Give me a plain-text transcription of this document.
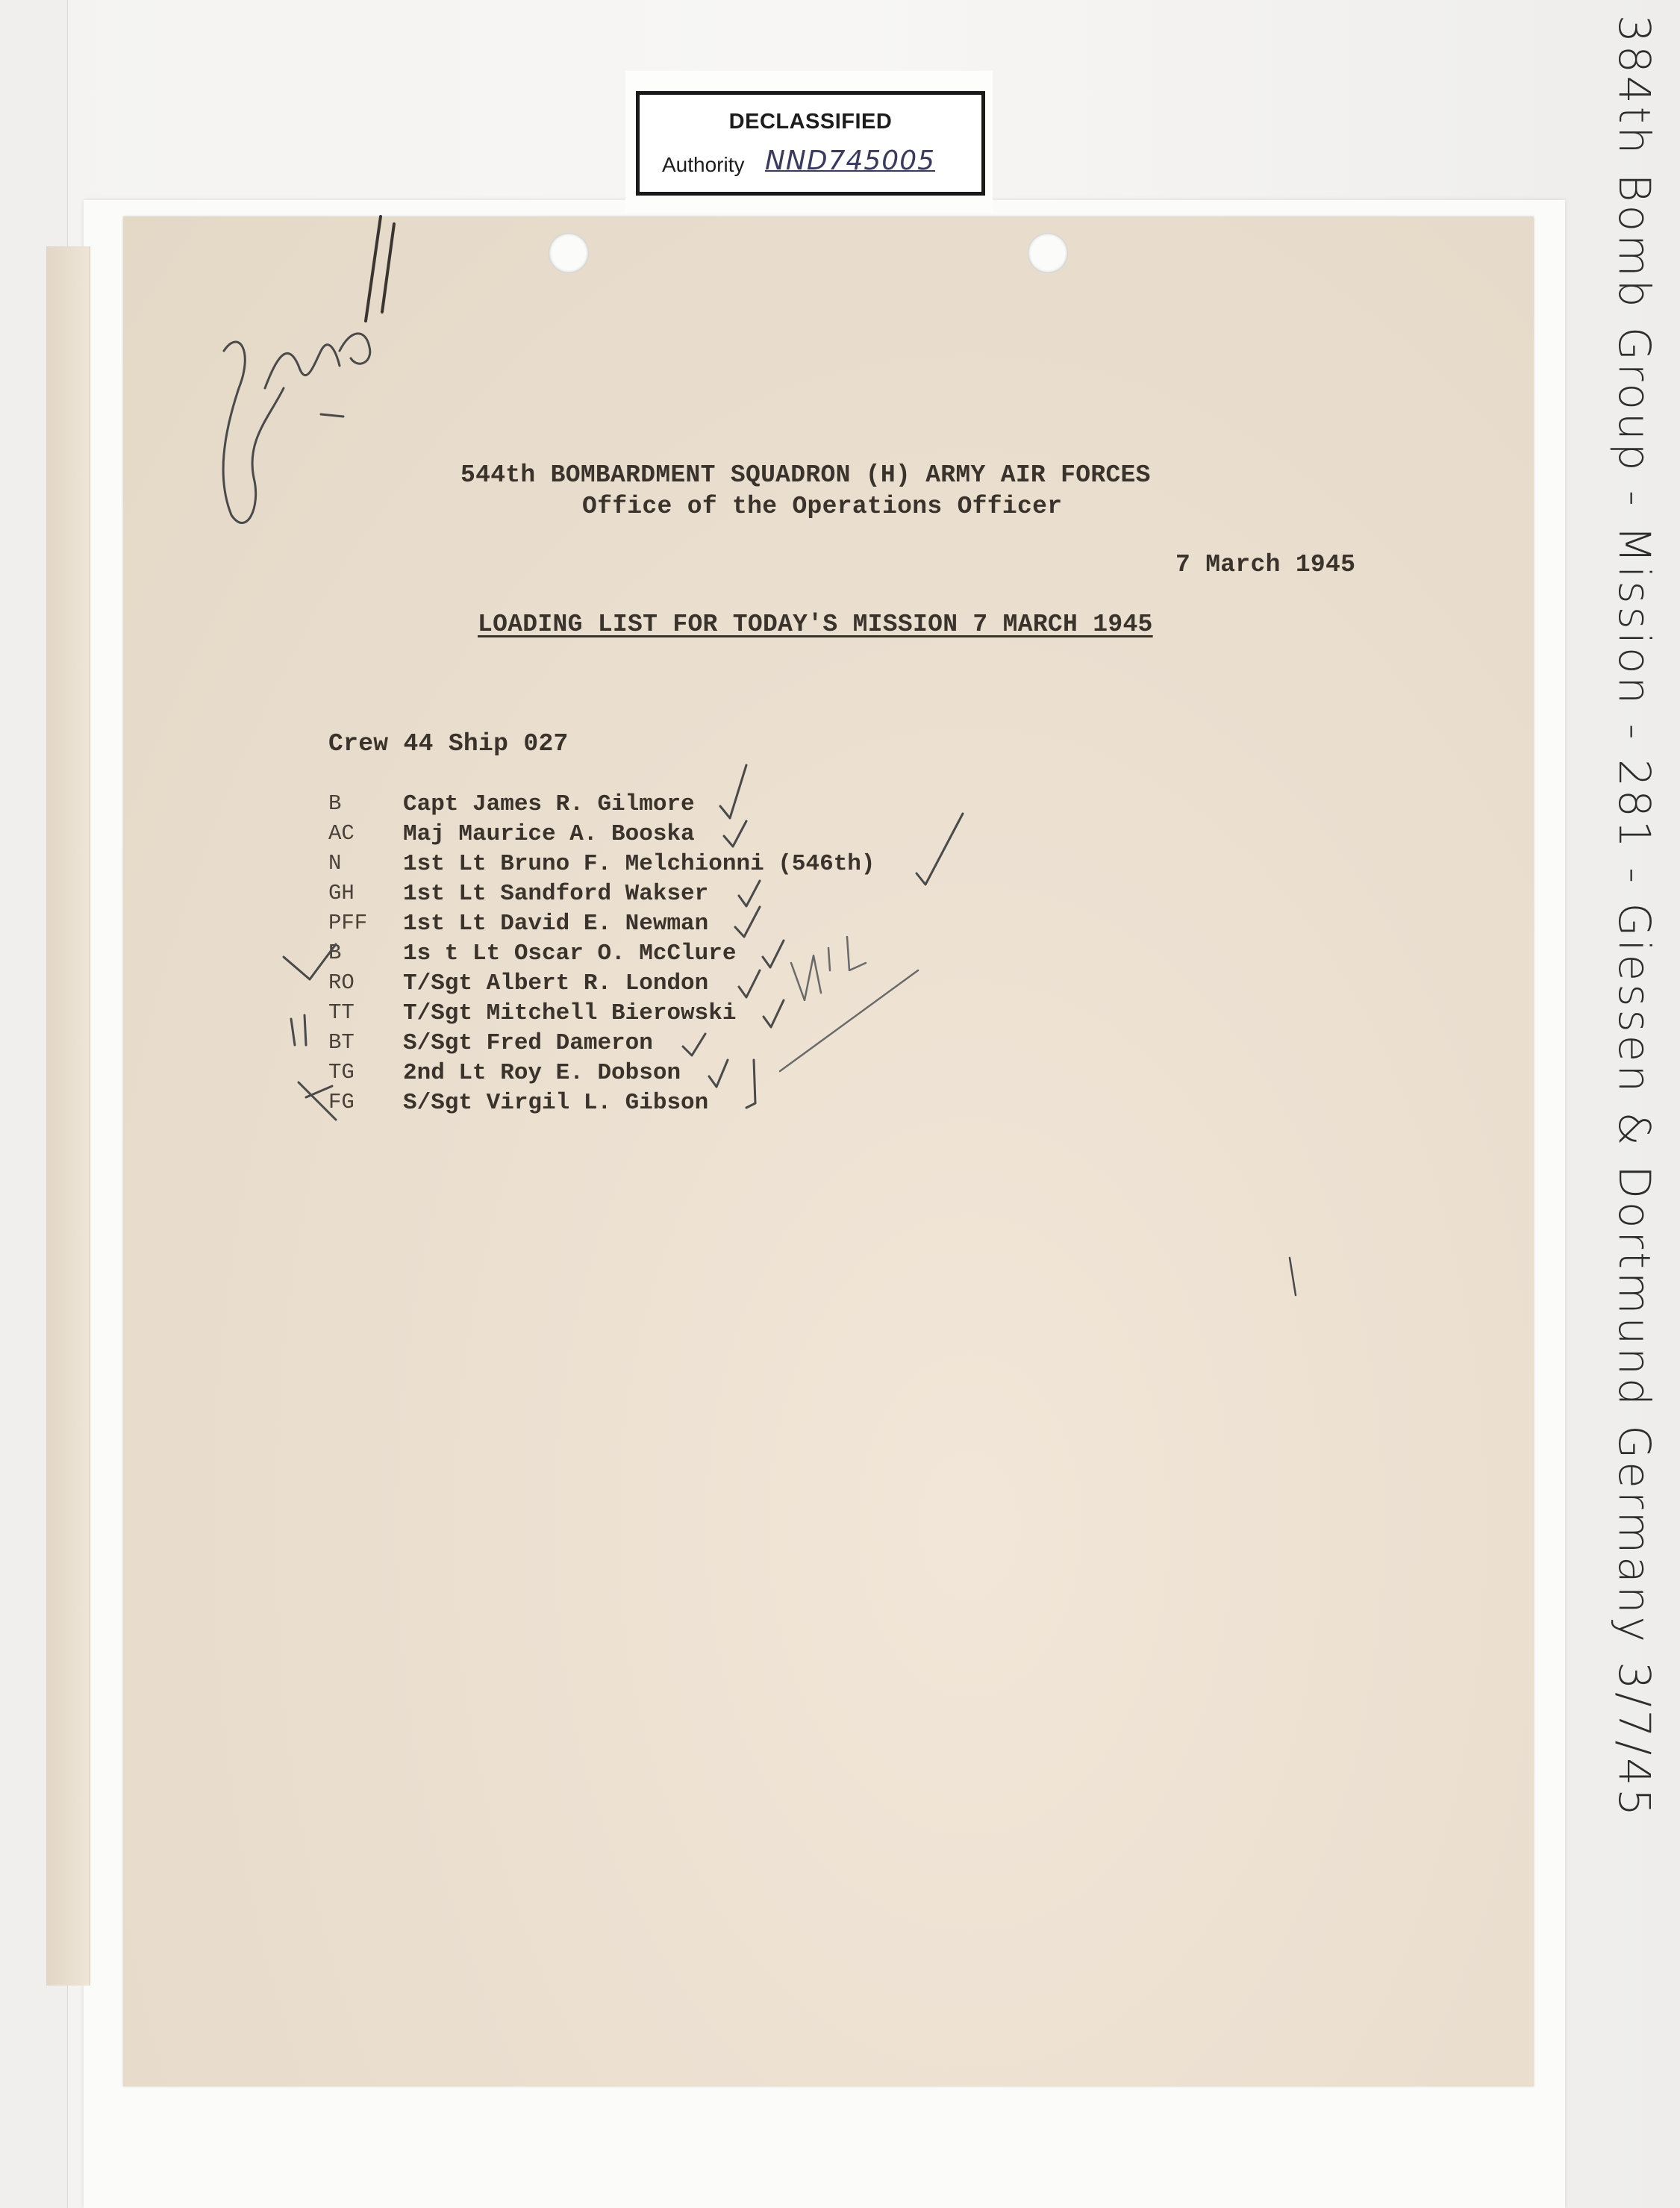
DECLASSIFIED
Authority NND745005
544th BOMBARDMENT SQUADRON (H) ARMY AIR FORCES
Office of the Operations Officer
7 March 1945
LOADING LIST FOR TODAY'S MISSION 7 MARCH 1945
Crew 44 Ship 027
B	Capt James R. Gilmore
AC Maj Maurice A. Booska
N	1st Lt Bruno F. Melchionni (546th)
GH 1st Lt Sandford Wakser
PFF 1st Lt David E. Newman
B	1s t Lt Oscar O. McClure
RO T/Sgt Albert R. London
TT T/Sgt Mitchell Bierowski
BT S/Sgt Fred Dameron
TG 2nd Lt Roy E. Dobson
FG S/Sgt Virgil L. Gibson	384th Bomb Group - Mission - 281 - Giessen & Dortmund Germany 3/7/45
